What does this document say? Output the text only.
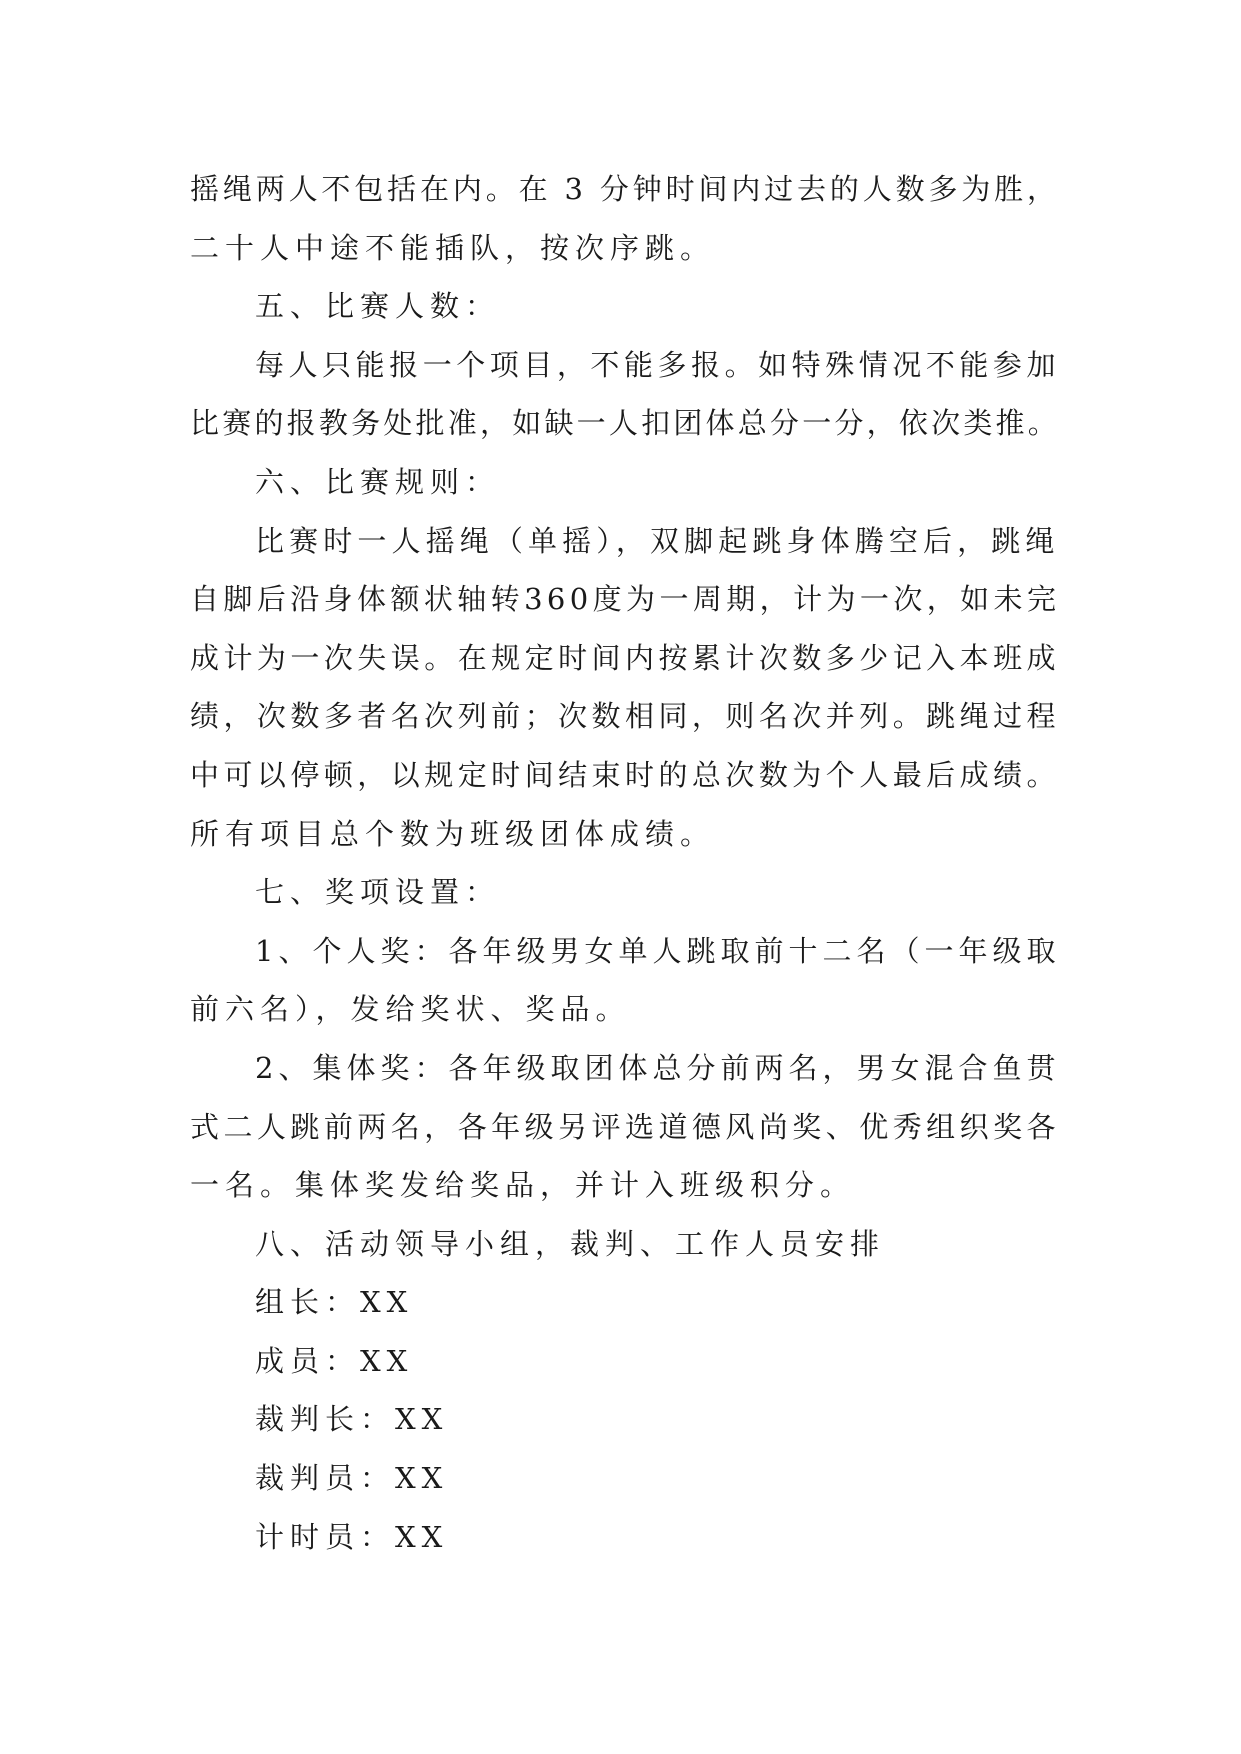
摇绳两人不包括在内。在 3 分钟时间内过去的人数多为胜，
二十人中途不能插队，按次序跳。
五、比赛人数：
每人只能报一个项目，不能多报。如特殊情况不能参加
比赛的报教务处批准，如缺一人扣团体总分一分，依次类推。
六、比赛规则：
比赛时一人摇绳（单摇），双脚起跳身体腾空后，跳绳
自脚后沿身体额状轴转360度为一周期，计为一次，如未完
成计为一次失误。在规定时间内按累计次数多少记入本班成
绩，次数多者名次列前；次数相同，则名次并列。跳绳过程
中可以停顿，以规定时间结束时的总次数为个人最后成绩。
所有项目总个数为班级团体成绩。
七、奖项设置：
1、个人奖：各年级男女单人跳取前十二名（一年级取
前六名），发给奖状、奖品。
2、集体奖：各年级取团体总分前两名，男女混合鱼贯
式二人跳前两名，各年级另评选道德风尚奖、优秀组织奖各
一名。集体奖发给奖品，并计入班级积分。
八、活动领导小组，裁判、工作人员安排
组长：XX
成员：XX
裁判长：XX
裁判员：XX
计时员：XX
